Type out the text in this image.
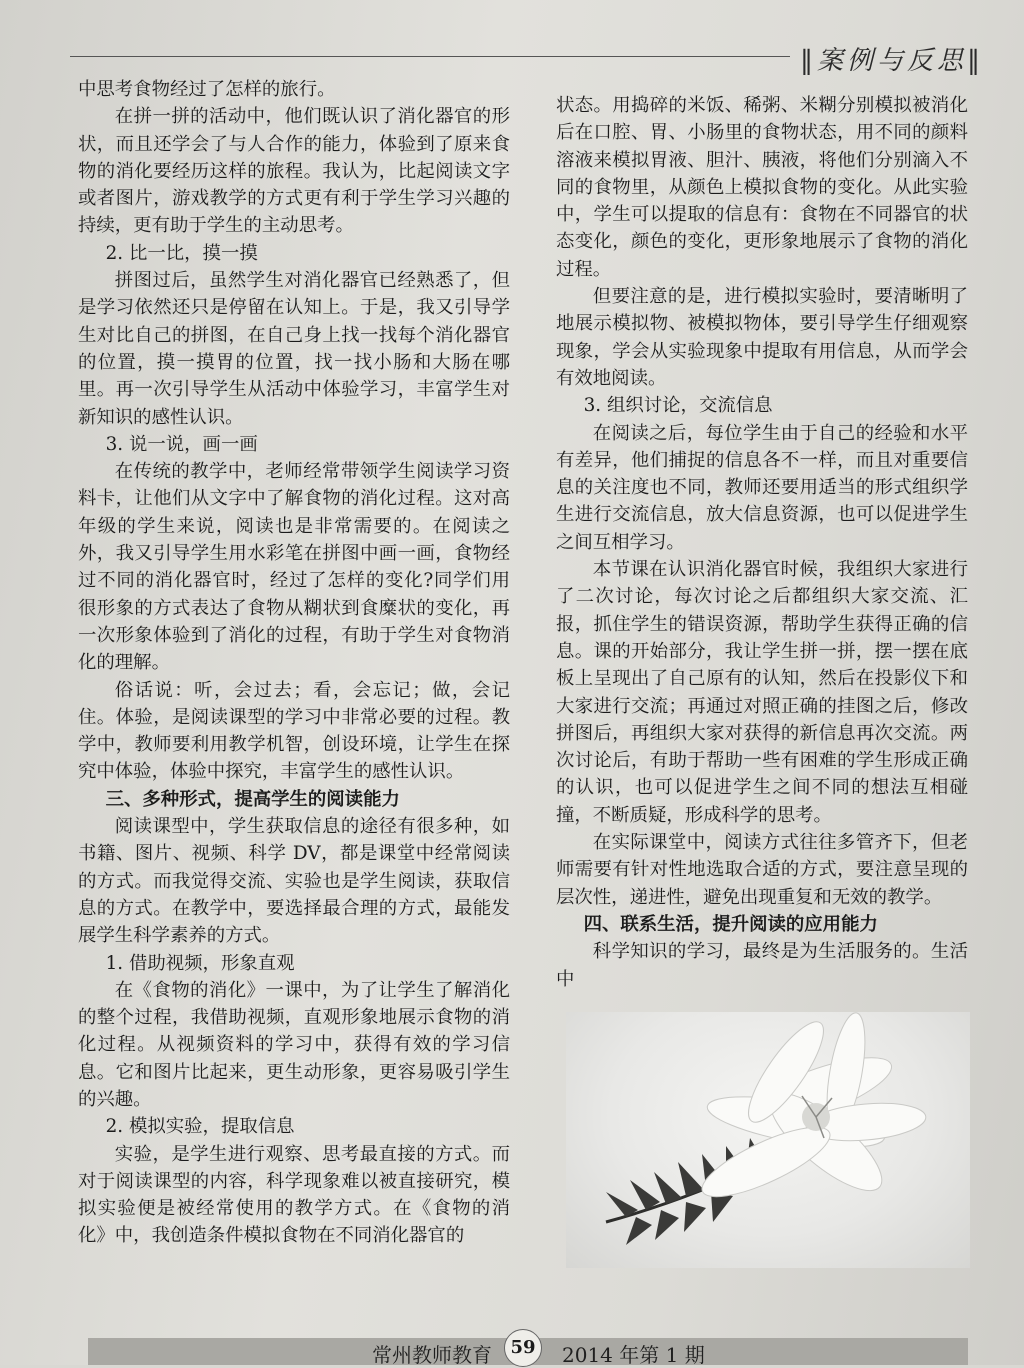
‖案例与反思‖

中思考食物经过了怎样的旅行。

在拼一拼的活动中，他们既认识了消化器官的形状，而且还学会了与人合作的能力，体验到了原来食物的消化要经历这样的旅程。我认为，比起阅读文字或者图片，游戏教学的方式更有利于学生学习兴趣的持续，更有助于学生的主动思考。

2. 比一比，摸一摸

拼图过后，虽然学生对消化器官已经熟悉了，但是学习依然还只是停留在认知上。于是，我又引导学生对比自己的拼图，在自己身上找一找每个消化器官的位置，摸一摸胃的位置，找一找小肠和大肠在哪里。再一次引导学生从活动中体验学习，丰富学生对新知识的感性认识。

3. 说一说，画一画

在传统的教学中，老师经常带领学生阅读学习资料卡，让他们从文字中了解食物的消化过程。这对高年级的学生来说，阅读也是非常需要的。在阅读之外，我又引导学生用水彩笔在拼图中画一画，食物经过不同的消化器官时，经过了怎样的变化?同学们用很形象的方式表达了食物从糊状到食糜状的变化，再一次形象体验到了消化的过程，有助于学生对食物消化的理解。

俗话说：听，会过去；看，会忘记；做，会记住。体验，是阅读课型的学习中非常必要的过程。教学中，教师要利用教学机智，创设环境，让学生在探究中体验，体验中探究，丰富学生的感性认识。

三、多种形式，提高学生的阅读能力

阅读课型中，学生获取信息的途径有很多种，如书籍、图片、视频、科学 DV，都是课堂中经常阅读的方式。而我觉得交流、实验也是学生阅读，获取信息的方式。在教学中，要选择最合理的方式，最能发展学生科学素养的方式。

1. 借助视频，形象直观

在《食物的消化》一课中，为了让学生了解消化的整个过程，我借助视频，直观形象地展示食物的消化过程。从视频资料的学习中，获得有效的学习信息。它和图片比起来，更生动形象，更容易吸引学生的兴趣。

2. 模拟实验，提取信息

实验，是学生进行观察、思考最直接的方式。而对于阅读课型的内容，科学现象难以被直接研究，模拟实验便是被经常使用的教学方式。在《食物的消化》中，我创造条件模拟食物在不同消化器官的

状态。用捣碎的米饭、稀粥、米糊分别模拟被消化后在口腔、胃、小肠里的食物状态，用不同的颜料溶液来模拟胃液、胆汁、胰液，将他们分别滴入不同的食物里，从颜色上模拟食物的变化。从此实验中，学生可以提取的信息有：食物在不同器官的状态变化，颜色的变化，更形象地展示了食物的消化过程。

但要注意的是，进行模拟实验时，要清晰明了地展示模拟物、被模拟物体，要引导学生仔细观察现象，学会从实验现象中提取有用信息，从而学会有效地阅读。

3. 组织讨论，交流信息

在阅读之后，每位学生由于自己的经验和水平有差异，他们捕捉的信息各不一样，而且对重要信息的关注度也不同，教师还要用适当的形式组织学生进行交流信息，放大信息资源，也可以促进学生之间互相学习。

本节课在认识消化器官时候，我组织大家进行了二次讨论，每次讨论之后都组织大家交流、汇报，抓住学生的错误资源，帮助学生获得正确的信息。课的开始部分，我让学生拼一拼，摆一摆在底板上呈现出了自己原有的认知，然后在投影仪下和大家进行交流；再通过对照正确的挂图之后，修改拼图后，再组织大家对获得的新信息再次交流。两次讨论后，有助于帮助一些有困难的学生形成正确的认识，也可以促进学生之间不同的想法互相碰撞，不断质疑，形成科学的思考。

在实际课堂中，阅读方式往往多管齐下，但老师需要有针对性地选取合适的方式，要注意呈现的层次性，递进性，避免出现重复和无效的教学。

四、联系生活，提升阅读的应用能力

科学知识的学习，最终是为生活服务的。生活中

常州教师教育	59	2014 年第 1 期
